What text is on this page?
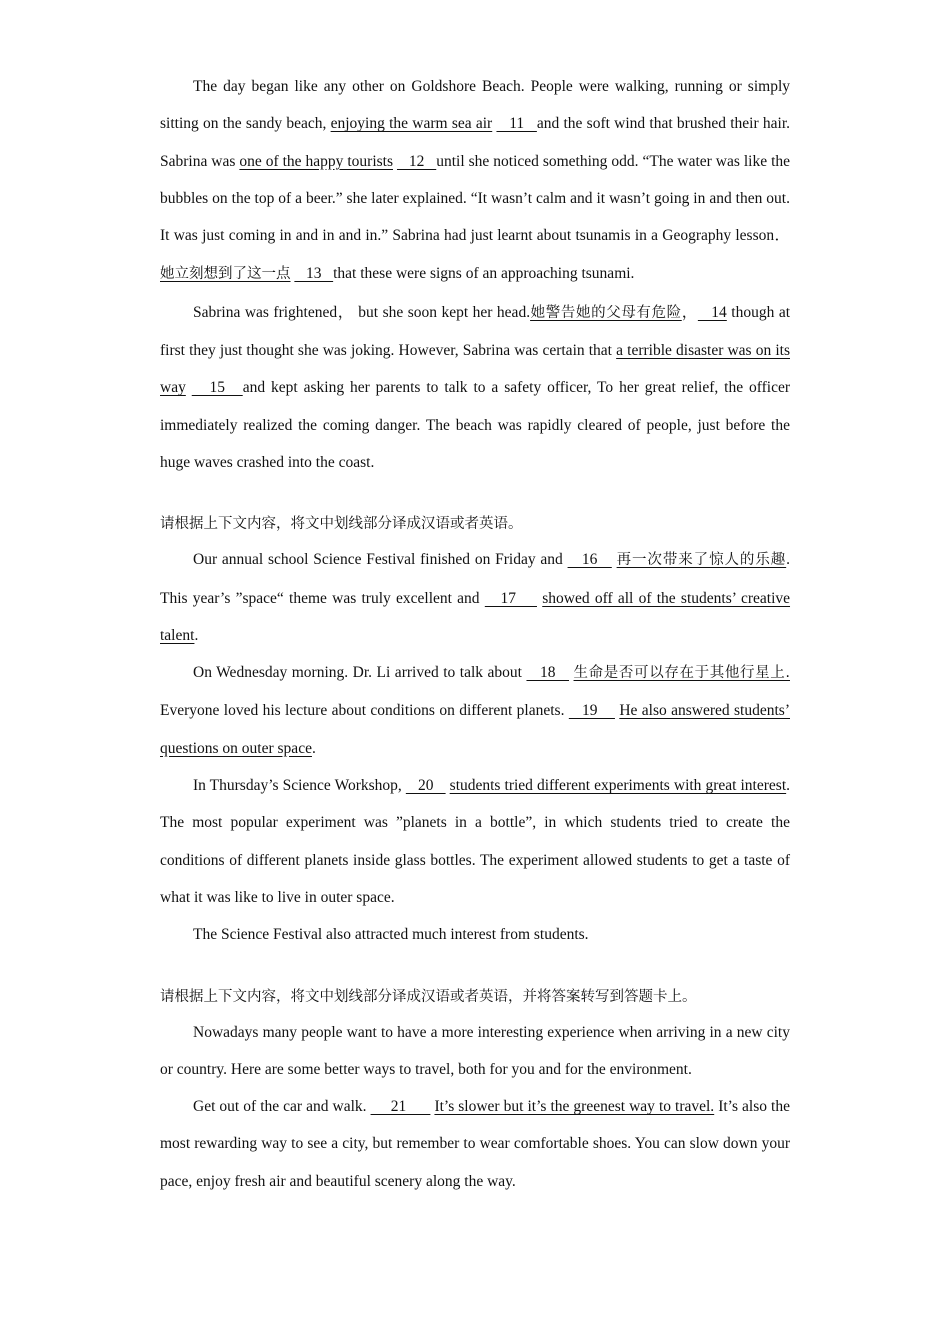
The day began like any other on Goldshore Beach. People were walking, running or simply sitting on the sandy beach, enjoying the warm sea air    11   and the soft wind that brushed their hair. Sabrina was one of the happy tourists    12   until she noticed something odd. “The water was like the bubbles on the top of a beer.” she later explained. “It wasn’t calm and it wasn’t going in and then out. It was just coming in and in and in.” Sabrina had just learnt about tsunamis in a Geography lesson． 她立刻想到了这一点    13   that these were signs of an approaching tsunami.

Sabrina was frightened， but she soon kept her head.她警告她的父母有危险，   14 though at first they just thought she was joking. However, Sabrina was certain that a terrible disaster was on its way    15   and kept asking her parents to talk to a safety officer, To her great relief, the officer immediately realized the coming danger. The beach was rapidly cleared of people, just before the huge waves crashed into the coast.

请根据上下文内容，将文中划线部分译成汉语或者英语。

Our annual school Science Festival finished on Friday and    16    再一次带来了惊人的乐趣. This year’s ”space“ theme was truly excellent and    17     showed off all of the students’ creative talent.

On Wednesday morning. Dr. Li arrived to talk about    18    生命是否可以存在于其他行星上. Everyone loved his lecture about conditions on different planets.    19     He also answered students’ questions on outer space.

In Thursday’s Science Workshop,    20    students tried different experiments with great interest. The most popular experiment was ”planets in a bottle”, in which students tried to create the conditions of different planets inside glass bottles. The experiment allowed students to get a taste of what it was like to live in outer space.

The Science Festival also attracted much interest from students.

请根据上下文内容，将文中划线部分译成汉语或者英语，并将答案转写到答题卡上。

Nowadays many people want to have a more interesting experience when arriving in a new city or country. Here are some better ways to travel, both for you and for the environment.

Get out of the car and walk.      21       It’s slower but it’s the greenest way to travel. It’s also the most rewarding way to see a city, but remember to wear comfortable shoes. You can slow down your pace, enjoy fresh air and beautiful scenery along the way.
